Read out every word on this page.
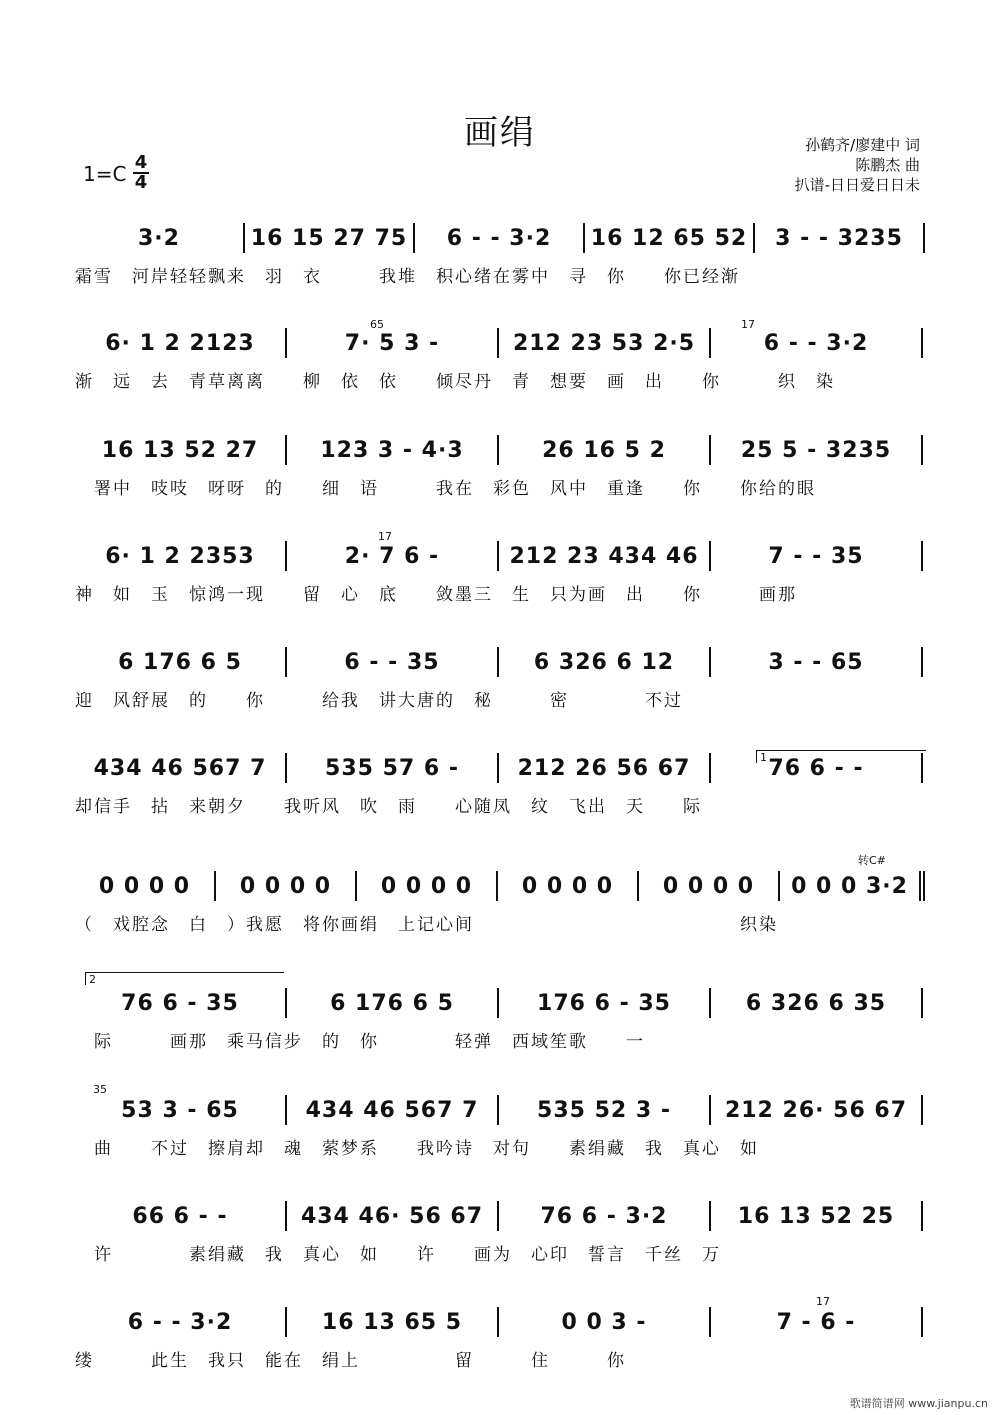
画绢	孙鹤齐/廖建中 词
陈鹏杰 曲
扒谱-日日爱日日未
1=C 4
4
3·2	16 15 27 75	6 - - 3·2	16 12 65 52	3 - - 3235
霜雪　河岸轻轻飘来　羽　衣　　　我堆　积心绪在雾中　寻　你　　你已经渐
6· 1 2 2123	7· 5 3 -	212 23 53 2·5	6 - - 3·2
渐　远　去　青草离离　　柳　依　依　　倾尽丹　青　想要　画　出　　你　　　织　染
16 13 52 27	123 3 - 4·3	26 16 5 2	25 5 - 3235
　署中　吱吱　呀呀　的　　细　语　　　我在　彩色　风中　重逢　　你　　你给的眼
6· 1 2 2353	2· 7 6 -	212 23 434 46	7 - - 35
神　如　玉　惊鸿一现　　留　心　底　　敛墨三　生　只为画　出　　你　　　画那
6 176 6 5	6 - - 35	6 326 6 12	3 - - 65
迎　风舒展　的　　你　　　给我　讲大唐的　秘　　　密　　　　不过
434 46 567 7	535 57 6 -	212 26 56 67	76 6 - -
却信手　拈　来朝夕　　我听风　吹　雨　　心随凤　纹　飞出　天　　际
0 0 0 0	0 0 0 0	0 0 0 0	0 0 0 0	0 0 0 0	0 0 0 3·2
（　戏腔念　白　）我愿　将你画绢　上记心间　　　　　　　　　　　　　　织染
76 6 - 35	6 176 6 5	176 6 - 35	6 326 6 35
　际　　　画那　乘马信步　的　你　　　　轻弹　西域笙歌　　一
53 3 - 65	434 46 567 7	535 52 3 -	212 26· 56 67
　曲　　不过　擦肩却　魂　萦梦系　　我吟诗　对句　　素绢藏　我　真心　如
66 6 - -	434 46· 56 67	76 6 - 3·2	16 13 52 25
　许　　　　素绢藏　我　真心　如　　许　　画为　心印　誓言　千丝　万
6 - - 3·2	16 13 65 5	0 0 3 -	7 - 6 -
缕　　　此生　我只　能在　绢上　　　　　留　　　住　　　你
65	17
17
35
17
1
2
转C#
歌谱简谱网 www.jianpu.cn
